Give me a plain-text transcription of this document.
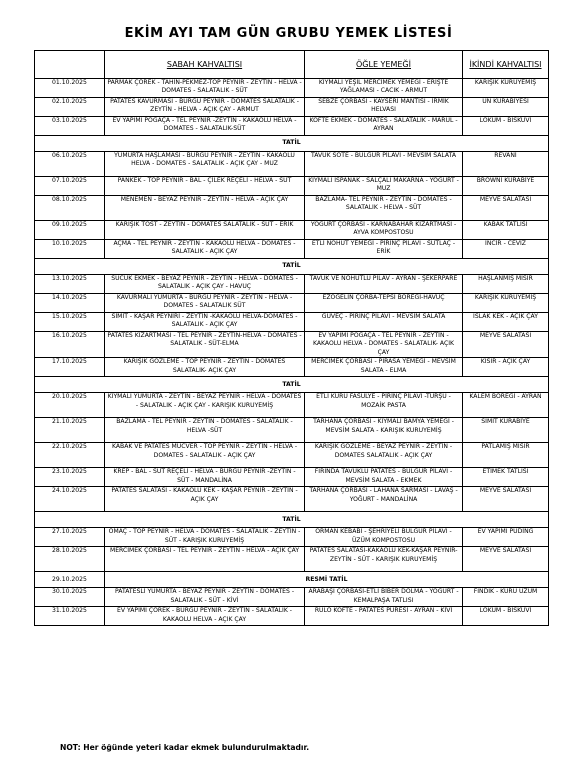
EKİM AYI TAM GÜN GRUBU YEMEK LİSTESİ
	SABAH KAHVALTISI	ÖĞLE YEMEĞİ	İKİNDİ KAHVALTISI
01.10.2025	PARMAK ÇÖREK - TAHİN-PEKMEZ-TOP PEYNİR - ZEYTİN - HELVA - DOMATES - SALATALIK - SÜT	KIYMALI YEŞİL MERCİMEK YEMEĞİ - ERİŞTE YAĞLAMASI - CACIK - ARMUT	KARIŞIK KURUYEMİŞ
02.10.2025	PATATES KAVURMASI - BURGU PEYNİR - DOMATES SALATALIK - ZEYTİN - HELVA - AÇIK ÇAY - ARMUT	SEBZE ÇORBASI - KAYSERİ MANTISI - İRMİK HELVASI	UN KURABİYESİ
03.10.2025	EV YAPIMI POĞAÇA - TEL PEYNİR -ZEYTİN - KAKAOLU HELVA - DOMATES - SALATALIK-SÜT	KÖFTE EKMEK - DOMATES - SALATALIK - MARUL - AYRAN	LOKUM - BİSKÜVİ
TATİL			
06.10.2025	YUMURTA HAŞLAMASI - BURGU PEYNİR - ZEYTİN - KAKAOLU HELVA - DOMATES - SALATALIK - AÇIK ÇAY - MUZ	TAVUK SOTE - BULGUR PİLAVI - MEVSİM SALATA	REVANİ
07.10.2025	PANKEK - TOP PEYNİR - BAL - ÇİLEK REÇELİ - HELVA - SÜT	KIYMALI ISPANAK - SALÇALI MAKARNA - YOĞURT - MUZ	BROWNİ KURABİYE
08.10.2025	MENEMEN - BEYAZ PEYNİR - ZEYTİN - HELVA - AÇIK ÇAY	BAZLAMA- TEL PEYNİR - ZEYTİN - DOMATES - SALATALIK - HELVA - SÜT	MEYVE SALATASI
09.10.2025	KARIŞIK TOST - ZEYTİN - DOMATES SALATALIK - SÜT - ERİK	YOĞURT ÇORBASI - KARNABAHAR KIZARTMASI - AYVA KOMPOSTOSU	KABAK TATLISI
10.10.2025	AÇMA - TEL PEYNİR - ZEYTİN - KAKAOLU HELVA - DOMATES - SALATALIK - AÇIK ÇAY	ETLİ NOHUT YEMEĞİ - PİRİNÇ PİLAVI - SÜTLAÇ - ERİK	İNCİR - CEVİZ
TATİL			
13.10.2025	SUCUK EKMEK - BEYAZ PEYNİR - ZEYTİN - HELVA - DOMATES - SALATALIK - AÇIK ÇAY - HAVUÇ	TAVUK VE NOHUTLU PİLAV - AYRAN - ŞEKERPARE	HAŞLANMIŞ MISIR
14.10.2025	KAVURMALI YUMURTA - BURGU PEYNİR - ZEYTİN - HELVA - DOMATES - SALATALIK SÜT	EZOGELİN ÇORBA-TEPSİ BÖREĞİ-HAVUÇ	KARIŞIK KURUYEMİŞ
15.10.2025	SİMİT - KAŞAR PEYNİRİ - ZEYTİN -KAKAOLU HELVA-DOMATES - SALATALIK - AÇIK ÇAY	GÜVEÇ - PİRİNÇ PİLAVI - MEVSİM SALATA	ISLAK KEK - AÇIK ÇAY
16.10.2025	PATATES KIZARTMASI - TEL PEYNİR - ZEYTİN-HELVA - DOMATES - SALATALIK - SÜT-ELMA	EV YAPIMI POĞAÇA - TEL PEYNİR - ZEYTİN - KAKAOLU HELVA - DOMATES - SALATALIK- AÇIK ÇAY	MEYVE SALATASI
17.10.2025	KARIŞIK GÖZLEME - TOP PEYNİR - ZEYTİN - DOMATES SALATALIK- AÇIK ÇAY	MERCİMEK ÇORBASI - PIRASA YEMEĞİ - MEVSİM SALATA - ELMA	KISIR - AÇIK ÇAY
TATİL			
20.10.2025	KIYMALI YUMURTA - ZEYTİN - BEYAZ PEYNİR - HELVA - DOMATES - SALATALIK - AÇIK ÇAY - KARIŞIK KURUYEMİŞ	ETLİ KURU FASULYE - PİRİNÇ PİLAVI -TURŞU - MOZAİK PASTA	KALEM BÖREĞİ - AYRAN
21.10.2025	BAZLAMA - TEL PEYNİR - ZEYTİN - DOMATES - SALATALIK - HELVA -SÜT	TARHANA ÇORBASI - KIYMALI BAMYA YEMEĞİ - MEVSİM SALATA - KARIŞIK KURUYEMİŞ	SİMİT KURABİYE
22.10.2025	KABAK VE PATATES MÜCVER - TOP PEYNİR - ZEYTİN - HELVA - DOMATES - SALATALIK - AÇIK ÇAY	KARIŞIK GÖZLEME - BEYAZ PEYNİR - ZEYTİN - DOMATES SALATALIK - AÇIK ÇAY	PATLAMIŞ MISIR
23.10.2025	KREP - BAL - SÜT REÇELİ - HELVA - BURGU PEYNİR -ZEYTİN - SÜT - MANDALİNA	FIRINDA TAVUKLU PATATES - BULGUR PİLAVI - MEVSİM SALATA - EKMEK	ETİMEK TATLISI
24.10.2025	PATATES SALATASI - KAKAOLU KEK - KAŞAR PEYNİR - ZEYTİN - AÇIK ÇAY	TARHANA ÇORBASI - LAHANA SARMASI - LAVAŞ - YOĞURT - MANDALİNA	MEYVE SALATASI
TATİL			
27.10.2025	OMAÇ - TOP PEYNİR - HELVA - DOMATES - SALATALIK - ZEYTİN - SÜT - KARIŞIK KURUYEMİŞ	ORMAN KEBABI - ŞEHRİYELİ BULGUR PİLAVI - ÜZÜM KOMPOSTOSU	EV YAPIMI PUDİNG
28.10.2025	MERCİMEK ÇORBASI - TEL PEYNİR - ZEYTİN - HELVA - AÇIK ÇAY	PATATES SALATASI-KAKAOLU KEK-KAŞAR PEYNİR-ZEYTİN - SÜT - KARIŞIK KURUYEMİŞ	MEYVE SALATASI
29.10.2025	RESMİ TATİL		
30.10.2025	PATATESLİ YUMURTA - BEYAZ PEYNİR - ZEYTİN - DOMATES - SALATALIK - SÜT - KİVİ	ARABAŞI ÇORBASI-ETLİ BİBER DOLMA - YOĞURT - KEMALPAŞA TATLISI	FINDIK - KURU ÜZÜM
31.10.2025	EV YAPIMI ÇÖREK - BURGU PEYNİR - ZEYTİN - SALATALIK - KAKAOLU HELVA - AÇIK ÇAY	RULO KÖFTE - PATATES PÜRESİ - AYRAN - KİVİ	LOKUM - BİSKÜVİ
NOT: Her öğünde yeteri kadar ekmek bulundurulmaktadır.
